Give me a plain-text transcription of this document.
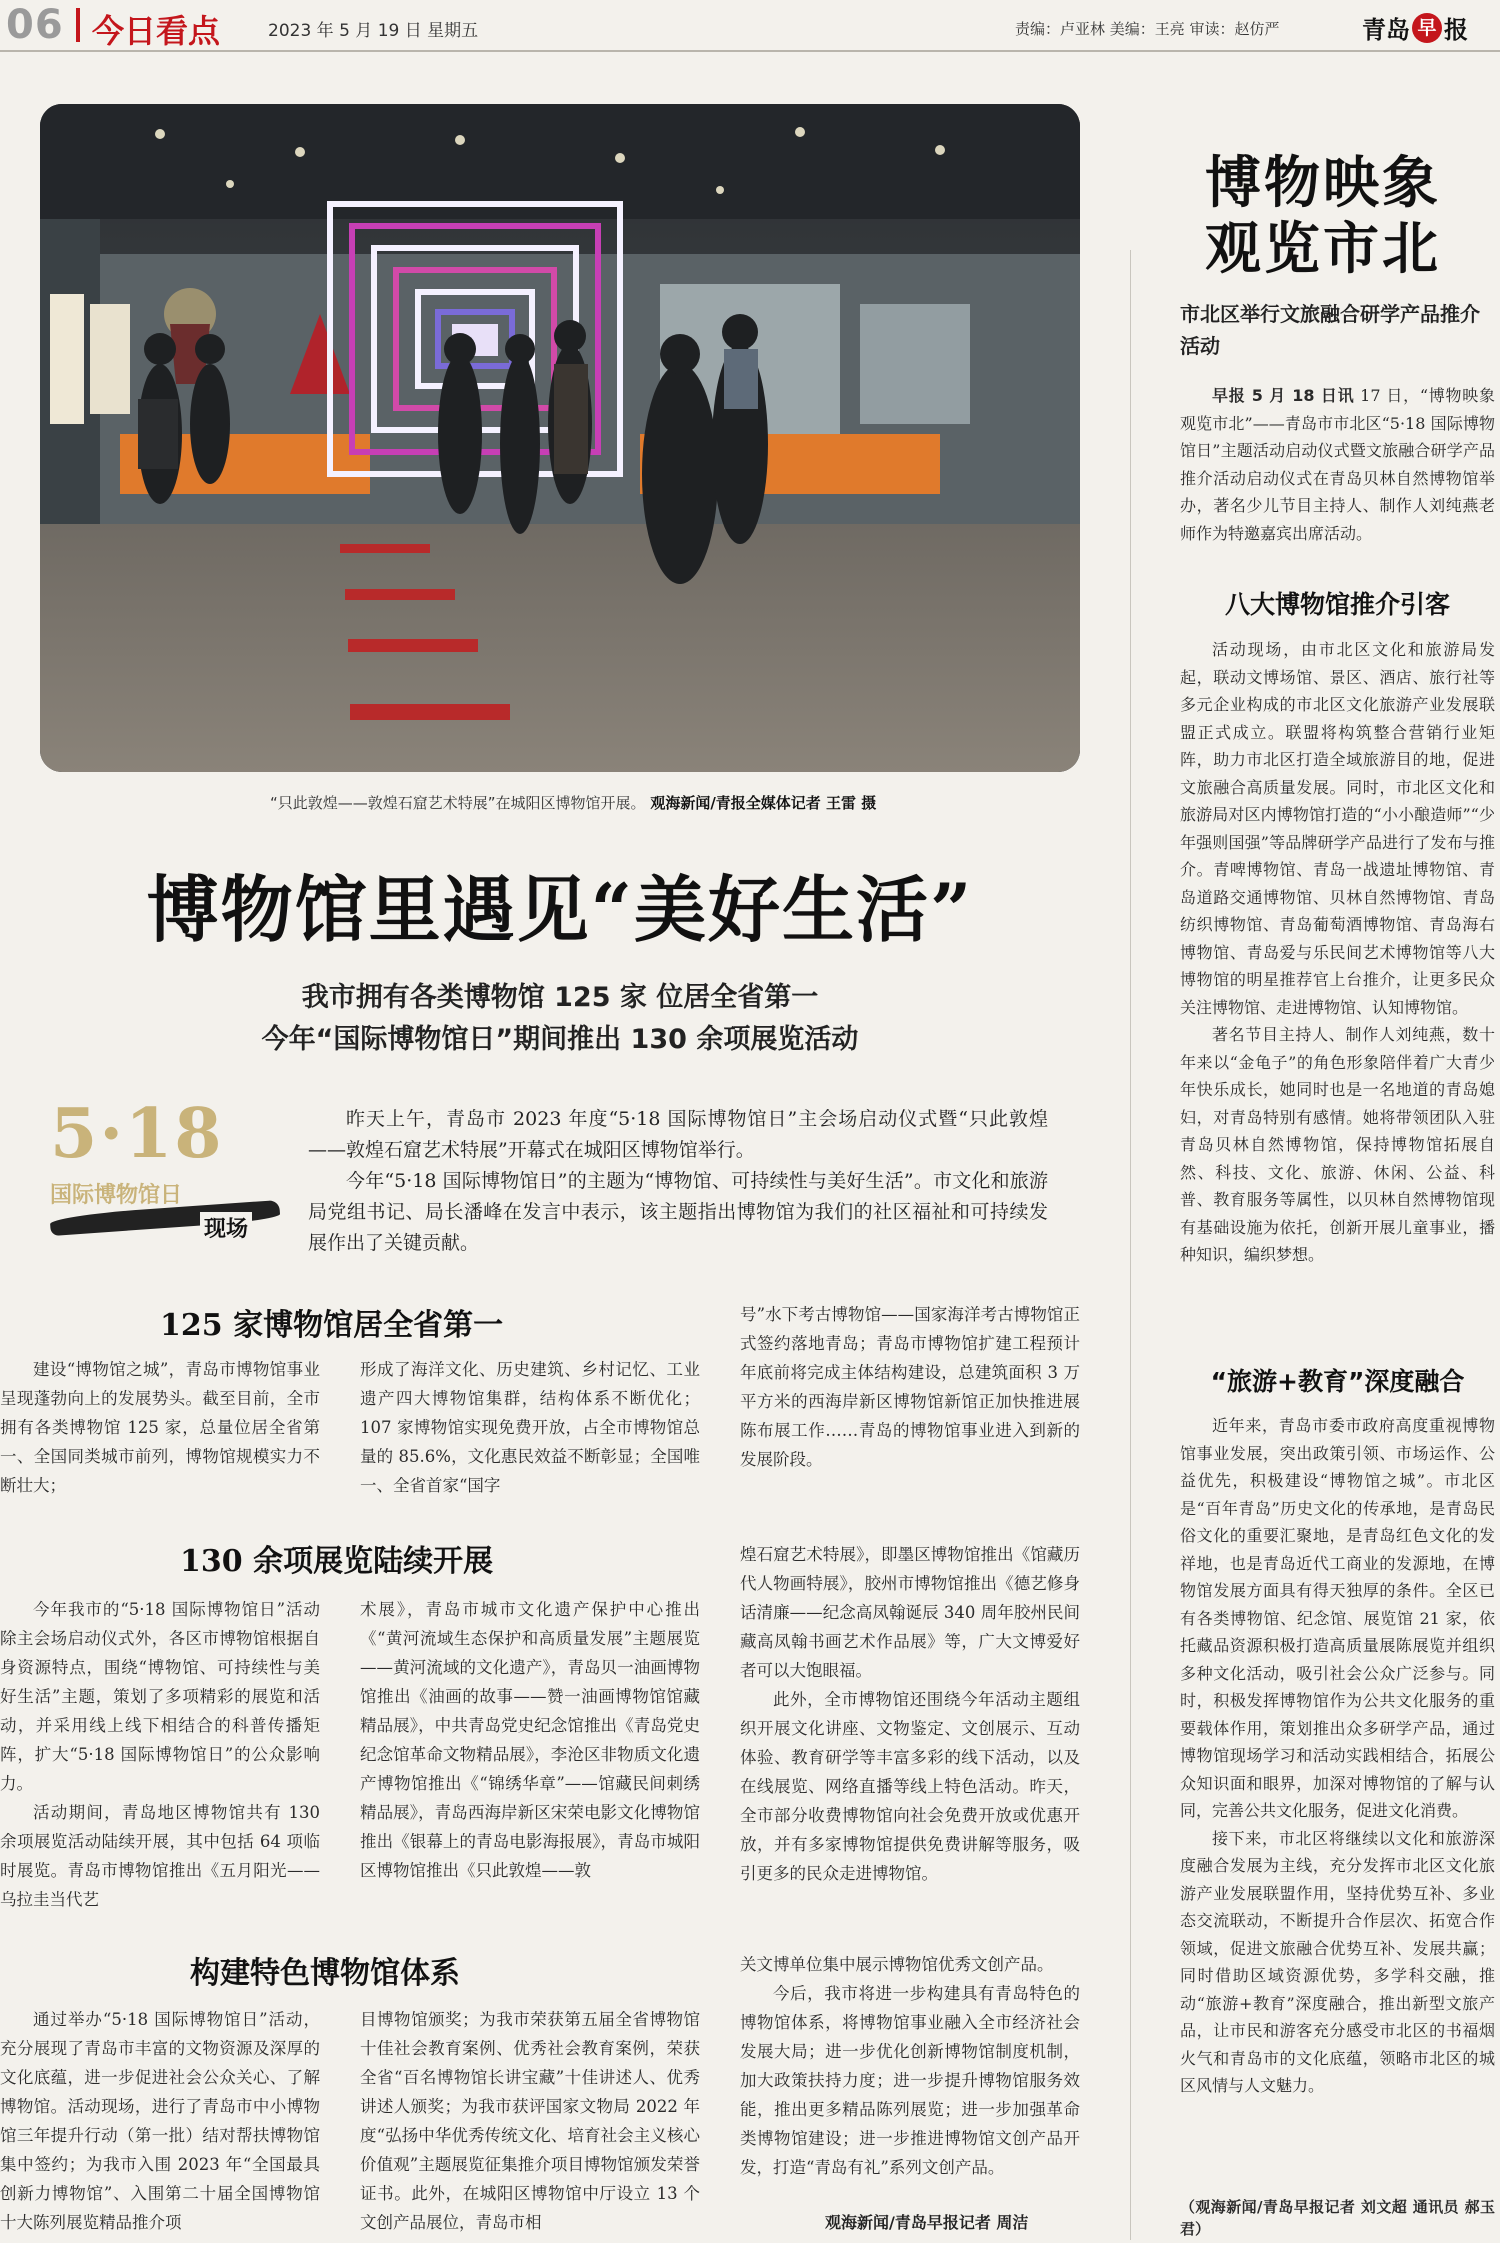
06 今日看点	2023 年 5 月 19 日 星期五	责编：卢亚林 美编：王亮 审读：赵仿严	青岛 早 报
“只此敦煌——敦煌石窟艺术特展”在城阳区博物馆开展。 观海新闻/青报全媒体记者 王雷 摄
博物馆里遇见“美好生活”
我市拥有各类博物馆 125 家 位居全省第一
今年“国际博物馆日”期间推出 130 余项展览活动
5·18
国际博物馆日
现场

昨天上午，青岛市 2023 年度“5·18 国际博物馆日”主会场启动仪式暨“只此敦煌——敦煌石窟艺术特展”开幕式在城阳区博物馆举行。

今年“5·18 国际博物馆日”的主题为“博物馆、可持续性与美好生活”。市文化和旅游局党组书记、局长潘峰在发言中表示，该主题指出博物馆为我们的社区福祉和可持续发展作出了关键贡献。

125 家博物馆居全省第一

建设“博物馆之城”，青岛市博物馆事业呈现蓬勃向上的发展势头。截至目前，全市拥有各类博物馆 125 家，总量位居全省第一、全国同类城市前列，博物馆规模实力不断壮大；

形成了海洋文化、历史建筑、乡村记忆、工业遗产四大博物馆集群，结构体系不断优化；107 家博物馆实现免费开放，占全市博物馆总量的 85.6%，文化惠民效益不断彰显；全国唯一、全省首家“国字

号”水下考古博物馆——国家海洋考古博物馆正式签约落地青岛；青岛市博物馆扩建工程预计年底前将完成主体结构建设，总建筑面积 3 万平方米的西海岸新区博物馆新馆正加快推进展陈布展工作……青岛的博物馆事业进入到新的发展阶段。

130 余项展览陆续开展

今年我市的“5·18 国际博物馆日”活动除主会场启动仪式外，各区市博物馆根据自身资源特点，围绕“博物馆、可持续性与美好生活”主题，策划了多项精彩的展览和活动，并采用线上线下相结合的科普传播矩阵，扩大“5·18 国际博物馆日”的公众影响力。

活动期间，青岛地区博物馆共有 130 余项展览活动陆续开展，其中包括 64 项临时展览。青岛市博物馆推出《五月阳光——乌拉圭当代艺

术展》，青岛市城市文化遗产保护中心推出《“黄河流域生态保护和高质量发展”主题展览——黄河流域的文化遗产》，青岛贝一油画博物馆推出《油画的故事——赞一油画博物馆馆藏精品展》，中共青岛党史纪念馆推出《青岛党史纪念馆革命文物精品展》，李沧区非物质文化遗产博物馆推出《“锦绣华章”——馆藏民间刺绣精品展》，青岛西海岸新区宋荣电影文化博物馆推出《银幕上的青岛电影海报展》，青岛市城阳区博物馆推出《只此敦煌——敦

煌石窟艺术特展》，即墨区博物馆推出《馆藏历代人物画特展》，胶州市博物馆推出《德艺修身话清廉——纪念高凤翰诞辰 340 周年胶州民间藏高凤翰书画艺术作品展》等，广大文博爱好者可以大饱眼福。

此外，全市博物馆还围绕今年活动主题组织开展文化讲座、文物鉴定、文创展示、互动体验、教育研学等丰富多彩的线下活动，以及在线展览、网络直播等线上特色活动。昨天，全市部分收费博物馆向社会免费开放或优惠开放，并有多家博物馆提供免费讲解等服务，吸引更多的民众走进博物馆。

构建特色博物馆体系

通过举办“5·18 国际博物馆日”活动，充分展现了青岛市丰富的文物资源及深厚的文化底蕴，进一步促进社会公众关心、了解博物馆。活动现场，进行了青岛市中小博物馆三年提升行动（第一批）结对帮扶博物馆集中签约；为我市入围 2023 年“全国最具创新力博物馆”、入围第二十届全国博物馆十大陈列展览精品推介项

目博物馆颁奖；为我市荣获第五届全省博物馆十佳社会教育案例、优秀社会教育案例，荣获全省“百名博物馆长讲宝藏”十佳讲述人、优秀讲述人颁奖；为我市获评国家文物局 2022 年度“弘扬中华优秀传统文化、培育社会主义核心价值观”主题展览征集推介项目博物馆颁发荣誉证书。此外，在城阳区博物馆中厅设立 13 个文创产品展位，青岛市相

关文博单位集中展示博物馆优秀文创产品。

今后，我市将进一步构建具有青岛特色的博物馆体系，将博物馆事业融入全市经济社会发展大局；进一步优化创新博物馆制度机制，加大政策扶持力度；进一步提升博物馆服务效能，推出更多精品陈列展览；进一步加强革命类博物馆建设；进一步推进博物馆文创产品开发，打造“青岛有礼”系列文创产品。

观海新闻/青岛早报记者 周洁
博物映象
观览市北
市北区举行文旅融合研学产品推介活动

早报 5 月 18 日讯 17 日，“博物映象 观览市北”——青岛市市北区“5·18 国际博物馆日”主题活动启动仪式暨文旅融合研学产品推介活动启动仪式在青岛贝林自然博物馆举办，著名少儿节目主持人、制作人刘纯燕老师作为特邀嘉宾出席活动。

八大博物馆推介引客

活动现场，由市北区文化和旅游局发起，联动文博场馆、景区、酒店、旅行社等多元企业构成的市北区文化旅游产业发展联盟正式成立。联盟将构筑整合营销行业矩阵，助力市北区打造全域旅游目的地，促进文旅融合高质量发展。同时，市北区文化和旅游局对区内博物馆打造的“小小酿造师”“少年强则国强”等品牌研学产品进行了发布与推介。青啤博物馆、青岛一战遗址博物馆、青岛道路交通博物馆、贝林自然博物馆、青岛纺织博物馆、青岛葡萄酒博物馆、青岛海右博物馆、青岛爱与乐民间艺术博物馆等八大博物馆的明星推荐官上台推介，让更多民众关注博物馆、走进博物馆、认知博物馆。

著名节目主持人、制作人刘纯燕，数十年来以“金龟子”的角色形象陪伴着广大青少年快乐成长，她同时也是一名地道的青岛媳妇，对青岛特别有感情。她将带领团队入驻青岛贝林自然博物馆，保持博物馆拓展自然、科技、文化、旅游、休闲、公益、科普、教育服务等属性，以贝林自然博物馆现有基础设施为依托，创新开展儿童事业，播种知识，编织梦想。

“旅游+教育”深度融合

近年来，青岛市委市政府高度重视博物馆事业发展，突出政策引领、市场运作、公益优先，积极建设“博物馆之城”。市北区是“百年青岛”历史文化的传承地，是青岛民俗文化的重要汇聚地，是青岛红色文化的发祥地，也是青岛近代工商业的发源地，在博物馆发展方面具有得天独厚的条件。全区已有各类博物馆、纪念馆、展览馆 21 家，依托藏品资源积极打造高质量展陈展览并组织多种文化活动，吸引社会公众广泛参与。同时，积极发挥博物馆作为公共文化服务的重要载体作用，策划推出众多研学产品，通过博物馆现场学习和活动实践相结合，拓展公众知识面和眼界，加深对博物馆的了解与认同，完善公共文化服务，促进文化消费。

接下来，市北区将继续以文化和旅游深度融合发展为主线，充分发挥市北区文化旅游产业发展联盟作用，坚持优势互补、多业态交流联动，不断提升合作层次、拓宽合作领域，促进文旅融合优势互补、发展共赢；同时借助区域资源优势，多学科交融，推动“旅游+教育”深度融合，推出新型文旅产品，让市民和游客充分感受市北区的书福烟火气和青岛市的文化底蕴，领略市北区的城区风情与人文魅力。

（观海新闻/青岛早报记者 刘文超 通讯员 郝玉君）
